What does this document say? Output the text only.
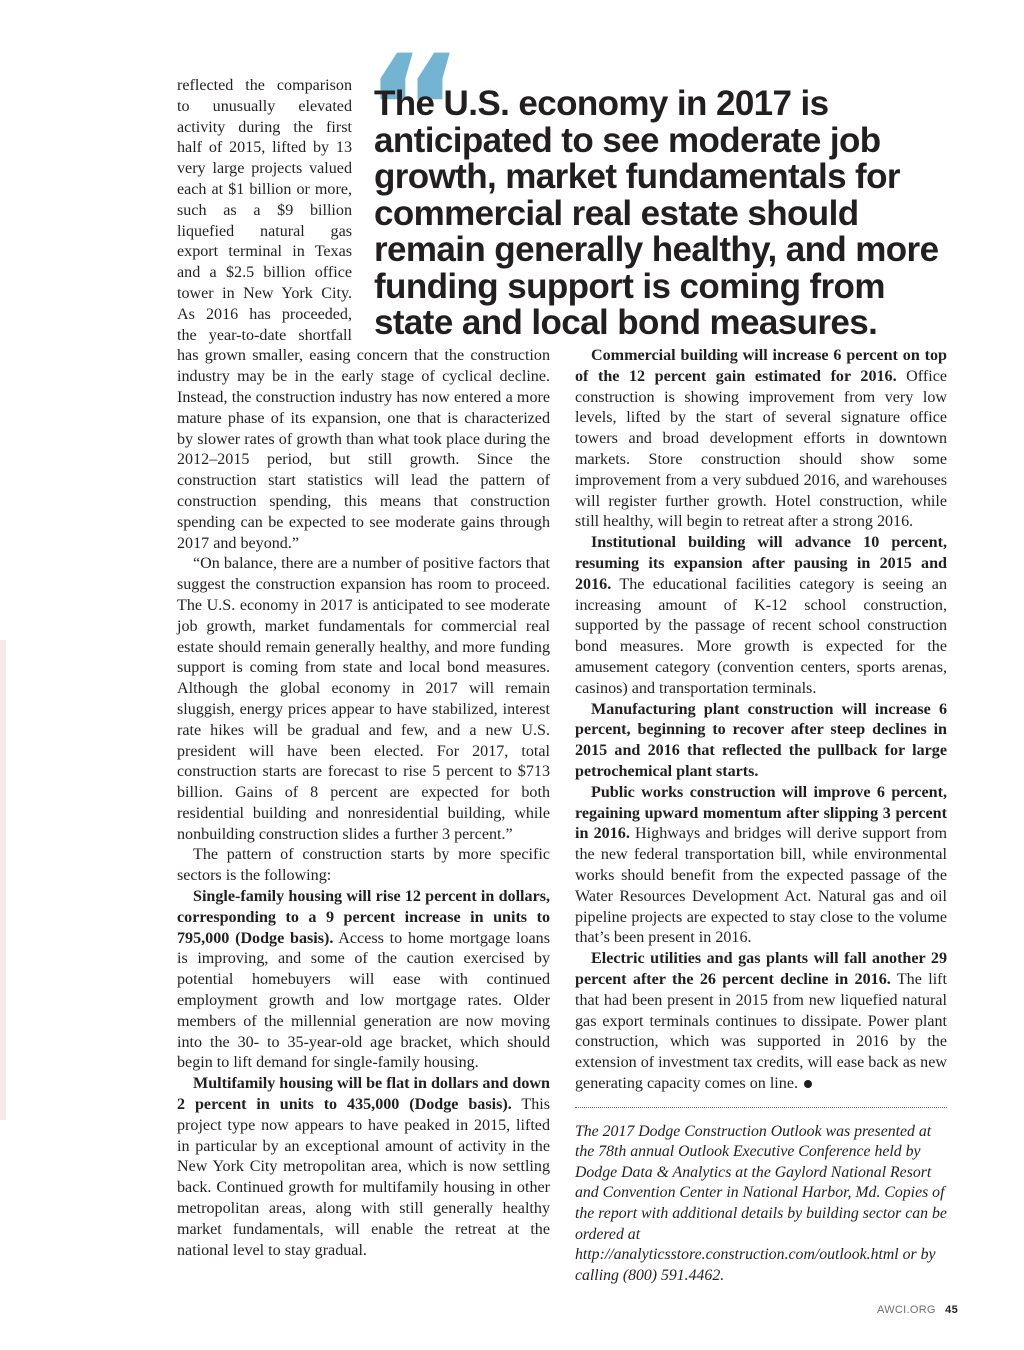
“
The U.S. economy in 2017 is anticipated to see moderate job growth, market fundamentals for commercial real estate should remain generally healthy, and more funding support is coming from state and local bond measures.

reflected the comparison to unusually elevated activity during the first half of 2015, lifted by 13 very large projects valued each at $1 billion or more, such as a $9 billion liquefied natural gas export terminal in Texas and a $2.5 billion office tower in New York City. As 2016 has proceeded, the year-to-date shortfall has grown smaller, easing concern that the construction industry may be in the early stage of cyclical decline. Instead, the construction industry has now entered a more mature phase of its expansion, one that is characterized by slower rates of growth than what took place during the 2012–2015 period, but still growth. Since the construction start statistics will lead the pattern of construction spending, this means that construction spending can be expected to see moderate gains through 2017 and beyond.”

“On balance, there are a number of positive factors that suggest the construction expansion has room to proceed. The U.S. economy in 2017 is anticipated to see moderate job growth, market fundamentals for commercial real estate should remain generally healthy, and more funding support is coming from state and local bond measures. Although the global economy in 2017 will remain sluggish, energy prices appear to have stabilized, interest rate hikes will be gradual and few, and a new U.S. president will have been elected. For 2017, total construction starts are forecast to rise 5 percent to $713 billion. Gains of 8 percent are expected for both residential building and nonresidential building, while nonbuilding construction slides a further 3 percent.”

The pattern of construction starts by more specific sectors is the following:

Single-family housing will rise 12 percent in dollars, corresponding to a 9 percent increase in units to 795,000 (Dodge basis). Access to home mortgage loans is improving, and some of the caution exercised by potential homebuyers will ease with continued employment growth and low mortgage rates. Older members of the millennial generation are now moving into the 30- to 35-year-old age bracket, which should begin to lift demand for single-family housing.

Multifamily housing will be flat in dollars and down 2 percent in units to 435,000 (Dodge basis). This project type now appears to have peaked in 2015, lifted in particular by an exceptional amount of activity in the New York City metropolitan area, which is now settling back. Continued growth for multifamily housing in other metropolitan areas, along with still generally healthy market fundamentals, will enable the retreat at the national level to stay gradual.

Commercial building will increase 6 percent on top of the 12 percent gain estimated for 2016. Office construction is showing improvement from very low levels, lifted by the start of several signature office towers and broad development efforts in downtown markets. Store construction should show some improvement from a very subdued 2016, and warehouses will register further growth. Hotel construction, while still healthy, will begin to retreat after a strong 2016.

Institutional building will advance 10 percent, resuming its expansion after pausing in 2015 and 2016. The educational facilities category is seeing an increasing amount of K-12 school construction, supported by the passage of recent school construction bond measures. More growth is expected for the amusement category (convention centers, sports arenas, casinos) and transportation terminals.

Manufacturing plant construction will increase 6 percent, beginning to recover after steep declines in 2015 and 2016 that reflected the pullback for large petrochemical plant starts.

Public works construction will improve 6 percent, regaining upward momentum after slipping 3 percent in 2016. Highways and bridges will derive support from the new federal transportation bill, while environmental works should benefit from the expected passage of the Water Resources Development Act. Natural gas and oil pipeline projects are expected to stay close to the volume that’s been present in 2016.

Electric utilities and gas plants will fall another 29 percent after the 26 percent decline in 2016. The lift that had been present in 2015 from new liquefied natural gas export terminals continues to dissipate. Power plant construction, which was supported in 2016 by the extension of investment tax credits, will ease back as new generating capacity comes on line.

The 2017 Dodge Construction Outlook was presented at the 78th annual Outlook Executive Conference held by Dodge Data & Analytics at the Gaylord National Resort and Convention Center in National Harbor, Md. Copies of the report with additional details by building sector can be ordered at http://analyticsstore.construction.com/outlook.html or by calling (800) 591.4462.

AWCI.ORG 45
